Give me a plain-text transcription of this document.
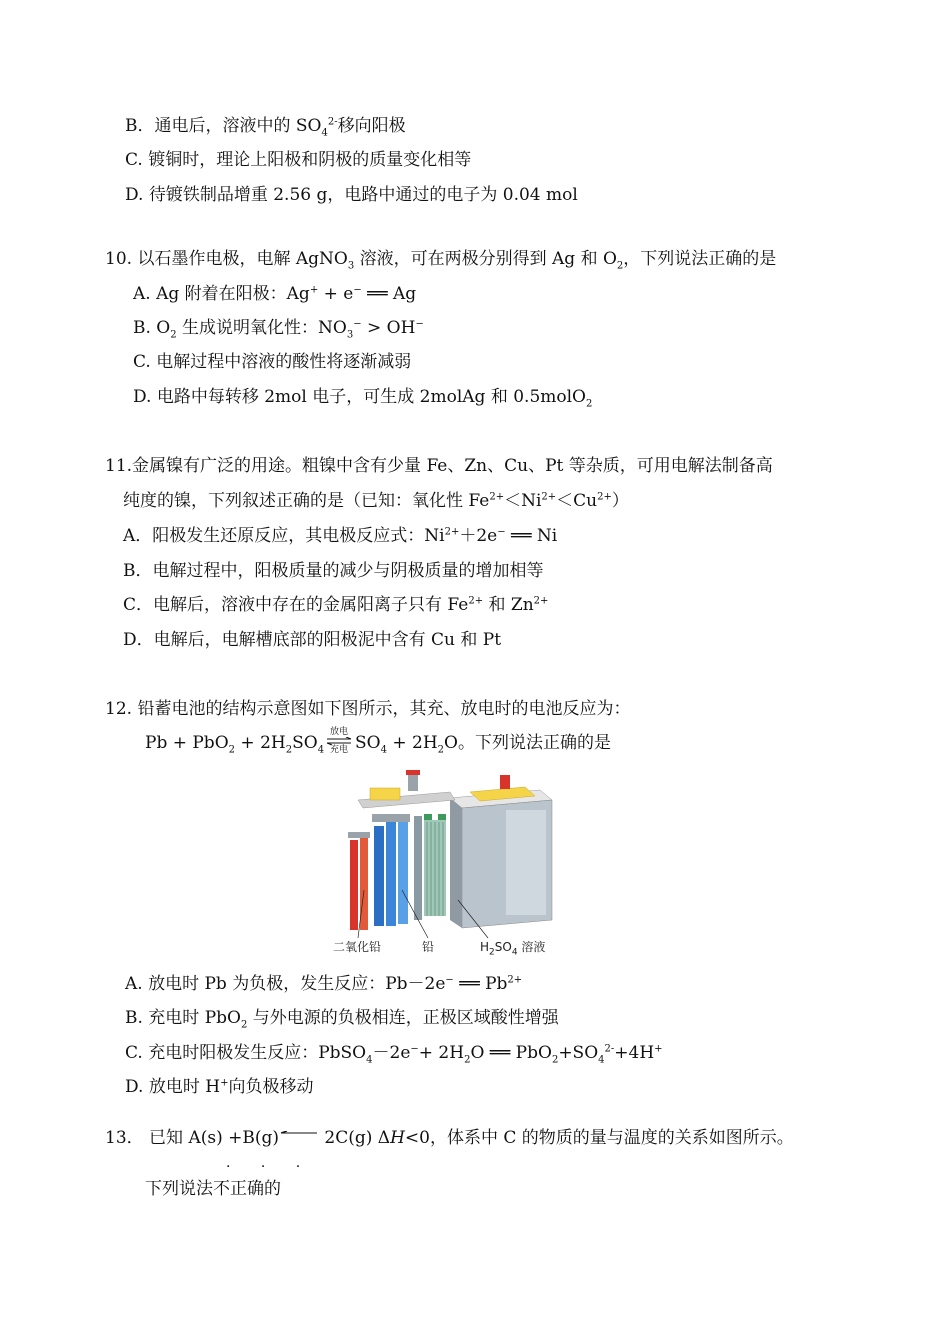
B．通电后，溶液中的 $SO_4^{2-}$移向阳极
C. 镀铜时，理论上阳极和阴极的质量变化相等
D. 待镀铁制品增重 2.56 g，电路中通过的电子为 0.04 mol
10. 以石墨作电极，电解 AgNO$_3$ 溶液，可在两极分别得到 Ag 和 $O_2$，下列说法正确的是
A. Ag 附着在阳极：Ag+ + e− ══ Ag
B. $O_2$ 生成说明氧化性：$NO_3^- > OH^-$
C. 电解过程中溶液的酸性将逐渐减弱
D. 电路中每转移 2mol 电子，可生成 2molAg 和 0.5molO$_2$
11.金属镍有广泛的用途。粗镍中含有少量 Fe、Zn、Cu、Pt 等杂质，可用电解法制备高
纯度的镍，下列叙述正确的是（已知：氧化性 $Fe^{2+}<Ni^{2+}<Cu^{2+}$）
A．阳极发生还原反应，其电极反应式：$Ni^{2+}+2e^-$ ══ Ni
B．电解过程中，阳极质量的减少与阴极质量的增加相等
C．电解后，溶液中存在的金属阳离子只有 $Fe^{2+}$ 和 $Zn^{2+}$
D．电解后，电解槽底部的阳极泥中含有 Cu 和 Pt
12. 铅蓄电池的结构示意图如下图所示，其充、放电时的电池反应为：
$Pb + PbO_2 + 2H_2SO_4$
放电
充电 $SO_4 + 2H_2O$。下列说法正确的是
二氧化铅	铅	$H_2SO_4$ 溶液
A. 放电时 Pb 为负极，发生反应：Pb－2e− ══ $Pb^{2+}$
B. 充电时 PbO$_2$ 与外电源的负极相连，正极区域酸性增强
C. 充电时阳极发生反应：PbSO$_4$－2e−+ $2H_2O$ ══ $PbO_2+SO_4^{2-}+4H^+$
D. 放电时 H+向负极移动
13． 已知 A(s) +B(g) 2C(g) ΔH<0，体系中 C 的物质的量与温度的关系如图所示。
· · ·
下列说法不正确的
